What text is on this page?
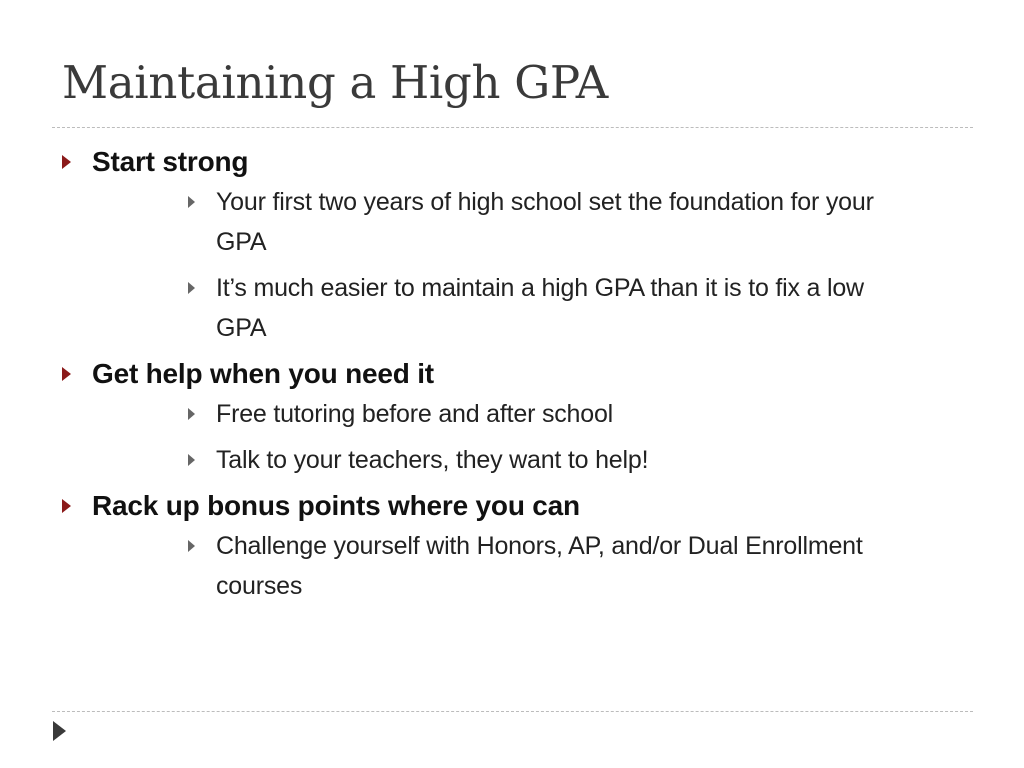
Maintaining a High GPA
Start strong
Your first two years of high school set the foundation for your GPA
It’s much easier to maintain a high GPA than it is to fix a low GPA
Get help when you need it
Free tutoring before and after school
Talk to your teachers, they want to help!
Rack up bonus points where you can
Challenge yourself with Honors, AP, and/or Dual Enrollment courses
